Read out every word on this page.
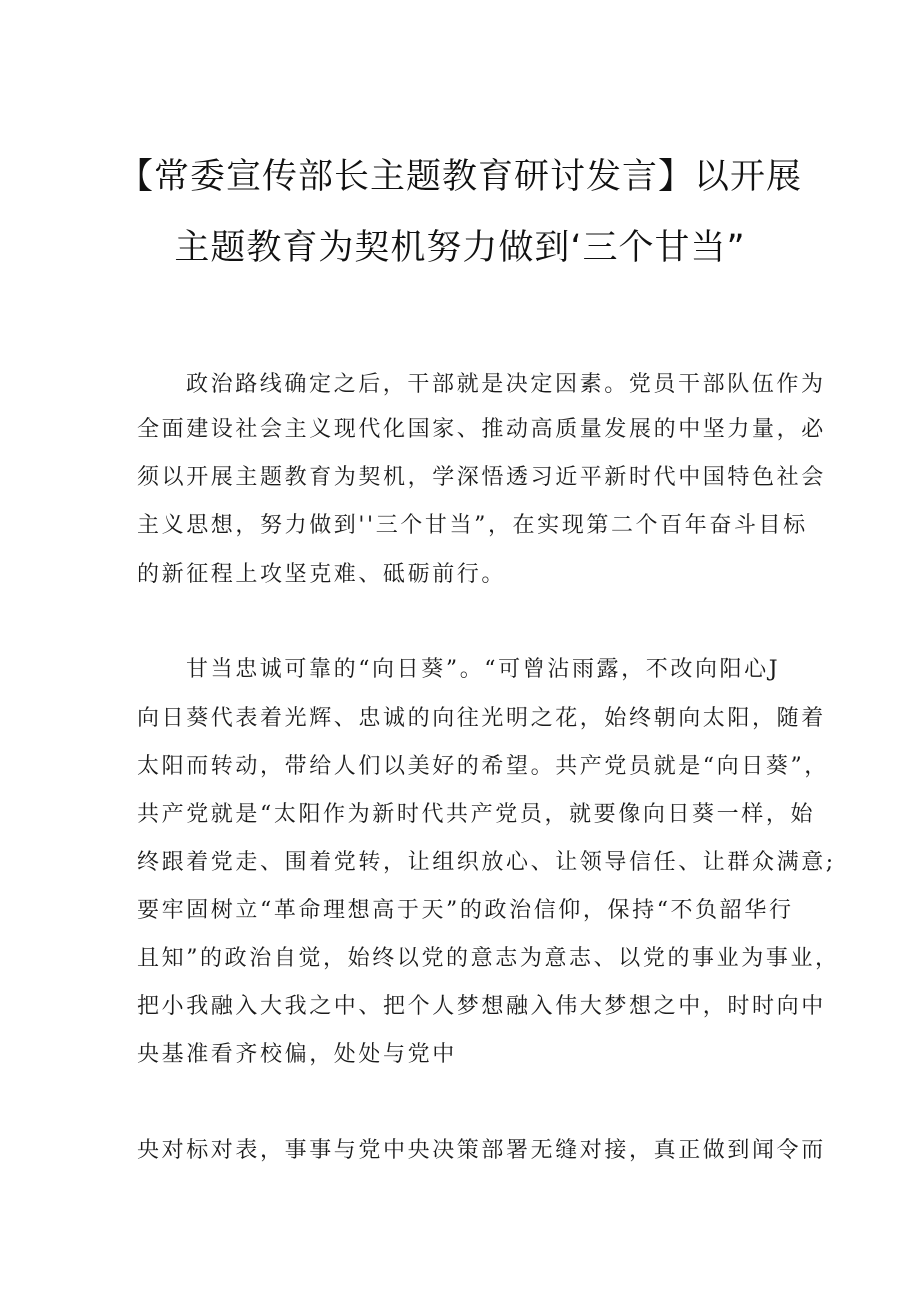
【常委宣传部长主题教育研讨发言】以开展
主题教育为契机努力做到‘三个甘当”
政治路线确定之后，干部就是决定因素。党员干部队伍作为
全面建设社会主义现代化国家、推动高质量发展的中坚力量，必
须以开展主题教育为契机，学深悟透习近平新时代中国特色社会
主义思想，努力做到''三个甘当”，在实现第二个百年奋斗目标
的新征程上攻坚克难、砥砺前行。
甘当忠诚可靠的“向日葵”。“可曾沾雨露，不改向阳心J
向日葵代表着光辉、忠诚的向往光明之花，始终朝向太阳，随着
太阳而转动，带给人们以美好的希望。共产党员就是“向日葵”，
共产党就是“太阳作为新时代共产党员，就要像向日葵一样，始
终跟着党走、围着党转，让组织放心、让领导信任、让群众满意;
要牢固树立“革命理想高于天”的政治信仰，保持“不负韶华行
且知”的政治自觉，始终以党的意志为意志、以党的事业为事业，
把小我融入大我之中、把个人梦想融入伟大梦想之中，时时向中
央基准看齐校偏，处处与党中
央对标对表，事事与党中央决策部署无缝对接，真正做到闻令而
